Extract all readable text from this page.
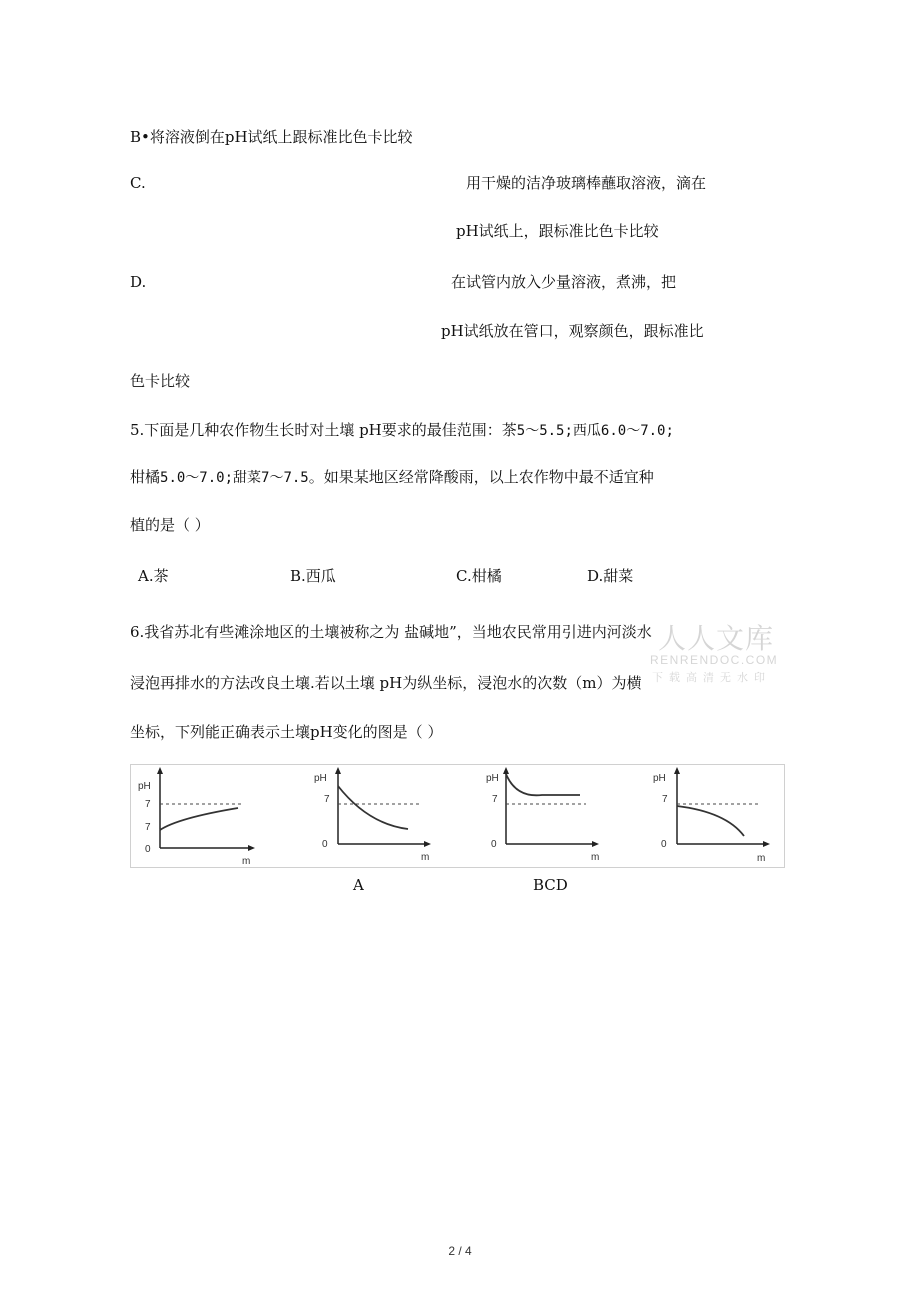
B•将溶液倒在pH试纸上跟标准比色卡比较
C.	用干燥的洁净玻璃棒蘸取溶液，滴在
pH试纸上，跟标准比色卡比较
D.	在试管内放入少量溶液，煮沸，把
pH试纸放在管口，观察颜色，跟标准比
色卡比较
5.下面是几种农作物生长时对土壤 pH要求的最佳范围：茶5～5.5;西瓜6.0～7.0;
柑橘5.0～7.0;甜菜7～7.5。如果某地区经常降酸雨，以上农作物中最不适宜种
植的是（ ）
A.茶	B.西瓜	C.柑橘	D.甜菜
6.我省苏北有些滩涂地区的土壤被称之为 盐碱地”，当地农民常用引进内河淡水
浸泡再排水的方法改良土壤.若以土壤 pH为纵坐标，浸泡水的次数（m）为横
坐标，下列能正确表示土壤pH变化的图是（ ）
人人文库
RENRENDOC.COM
下载高清无水印
pH
7
7
0
m
pH
7
0
m
pH
7
0
m
pH
7
0
m
A	BCD
2 / 4
